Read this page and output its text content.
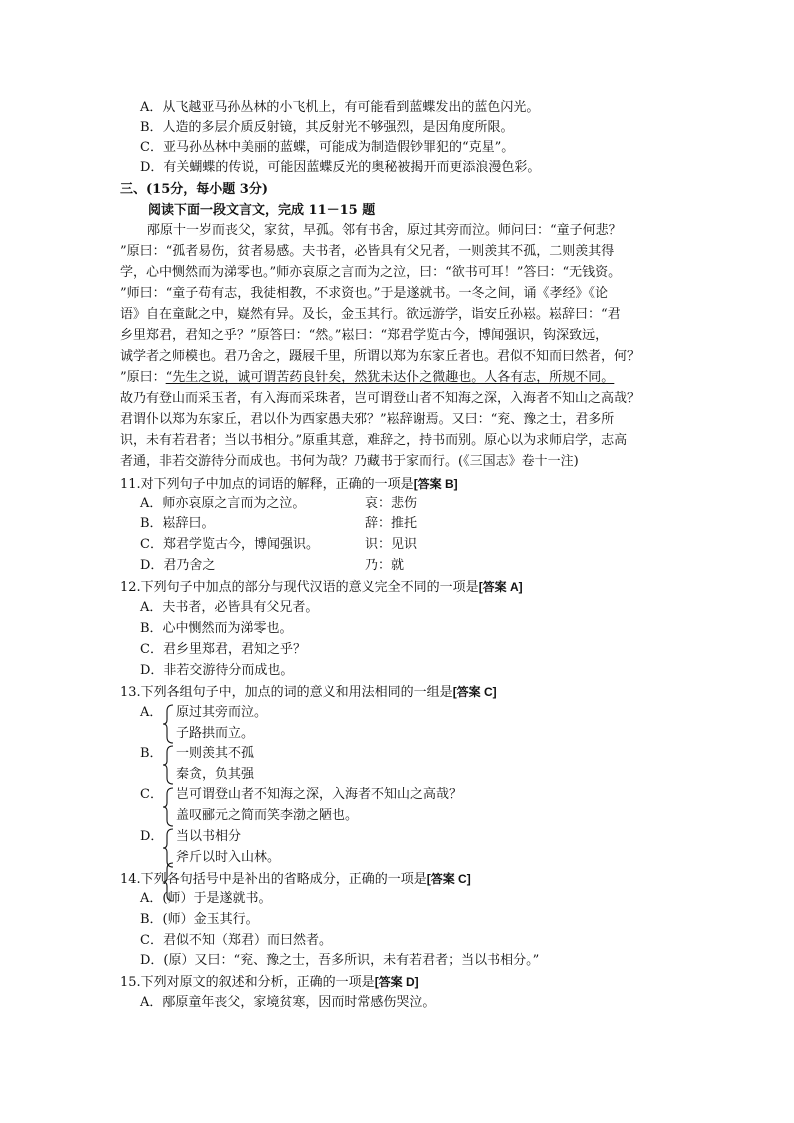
A．从飞越亚马孙丛林的小飞机上，有可能看到蓝蝶发出的蓝色闪光。
B．人造的多层介质反射镜，其反射光不够强烈，是因角度所限。
C．亚马孙丛林中美丽的蓝蝶，可能成为制造假钞罪犯的“克星”。
D．有关蝴蝶的传说，可能因蓝蝶反光的奥秘被揭开而更添浪漫色彩。
三、(15分，每小题 3分)
阅读下面一段文言文，完成 11－15 题
邴原十一岁而丧父，家贫，早孤。邻有书舍，原过其旁而泣。师问曰：“童子何悲？
”原曰：“孤者易伤，贫者易感。夫书者，必皆具有父兄者，一则羡其不孤，二则羡其得
学，心中恻然而为涕零也。”师亦哀原之言而为之泣，曰：“欲书可耳！”答曰：“无钱资。
”师曰：“童子苟有志，我徒相教，不求资也。”于是遂就书。一冬之间，诵《孝经》《论
语》自在童龀之中，嶷然有异。及长，金玉其行。欲远游学，诣安丘孙崧。崧辞曰：“君
乡里郑君，君知之乎？”原答曰：“然。”崧曰：“郑君学览古今，博闻强识，钩深致远，
诚学者之师模也。君乃舍之，蹑屐千里，所谓以郑为东家丘者也。君似不知而曰然者，何？
”原曰：“先生之说，诚可谓苦药良针矣，然犹未达仆之微趣也。人各有志，所规不同。
故乃有登山而采玉者，有入海而采珠者，岂可谓登山者不知海之深，入海者不知山之高哉？
君谓仆以郑为东家丘，君以仆为西家愚夫邪？”崧辞谢焉。又曰：“兖、豫之士，君多所
识，未有若君者；当以书相分。”原重其意，难辞之，持书而别。原心以为求师启学，志高
者通，非若交游待分而成也。书何为哉？乃藏书于家而行。(《三国志》卷十一注)
11.对下列句子中加点的词语的解释，正确的一项是[答案 B]
A．师亦哀原之言而为之泣。	哀：悲伤
B．崧辞曰。	辞：推托
C．郑君学览古今，博闻强识。	识：见识
D．君乃舍之	乃：就
12.下列句子中加点的部分与现代汉语的意义完全不同的一项是[答案 A]
A．夫书者，必皆具有父兄者。
B．心中恻然而为涕零也。
C．君乡里郑君，君知之乎？
D．非若交游待分而成也。
13.下列各组句子中，加点的词的意义和用法相同的一组是[答案 C]
A． 原过其旁而泣。
子路拱而立。
B． 一则羡其不孤
秦贪，负其强
C． 岂可谓登山者不知海之深，入海者不知山之高哉？
盖叹郦元之简而笑李渤之陋也。
D． 当以书相分
斧斤以时入山林。
14.下列各句括号中是补出的省略成分，正确的一项是[答案 C]
A．(师）于是遂就书。
B．(师）金玉其行。
C．君似不知（郑君）而曰然者。
D．(原）又曰：“兖、豫之士，吾多所识，未有若君者；当以书相分。”
15.下列对原文的叙述和分析，正确的一项是[答案 D]
A．邴原童年丧父，家境贫寒，因而时常感伤哭泣。
